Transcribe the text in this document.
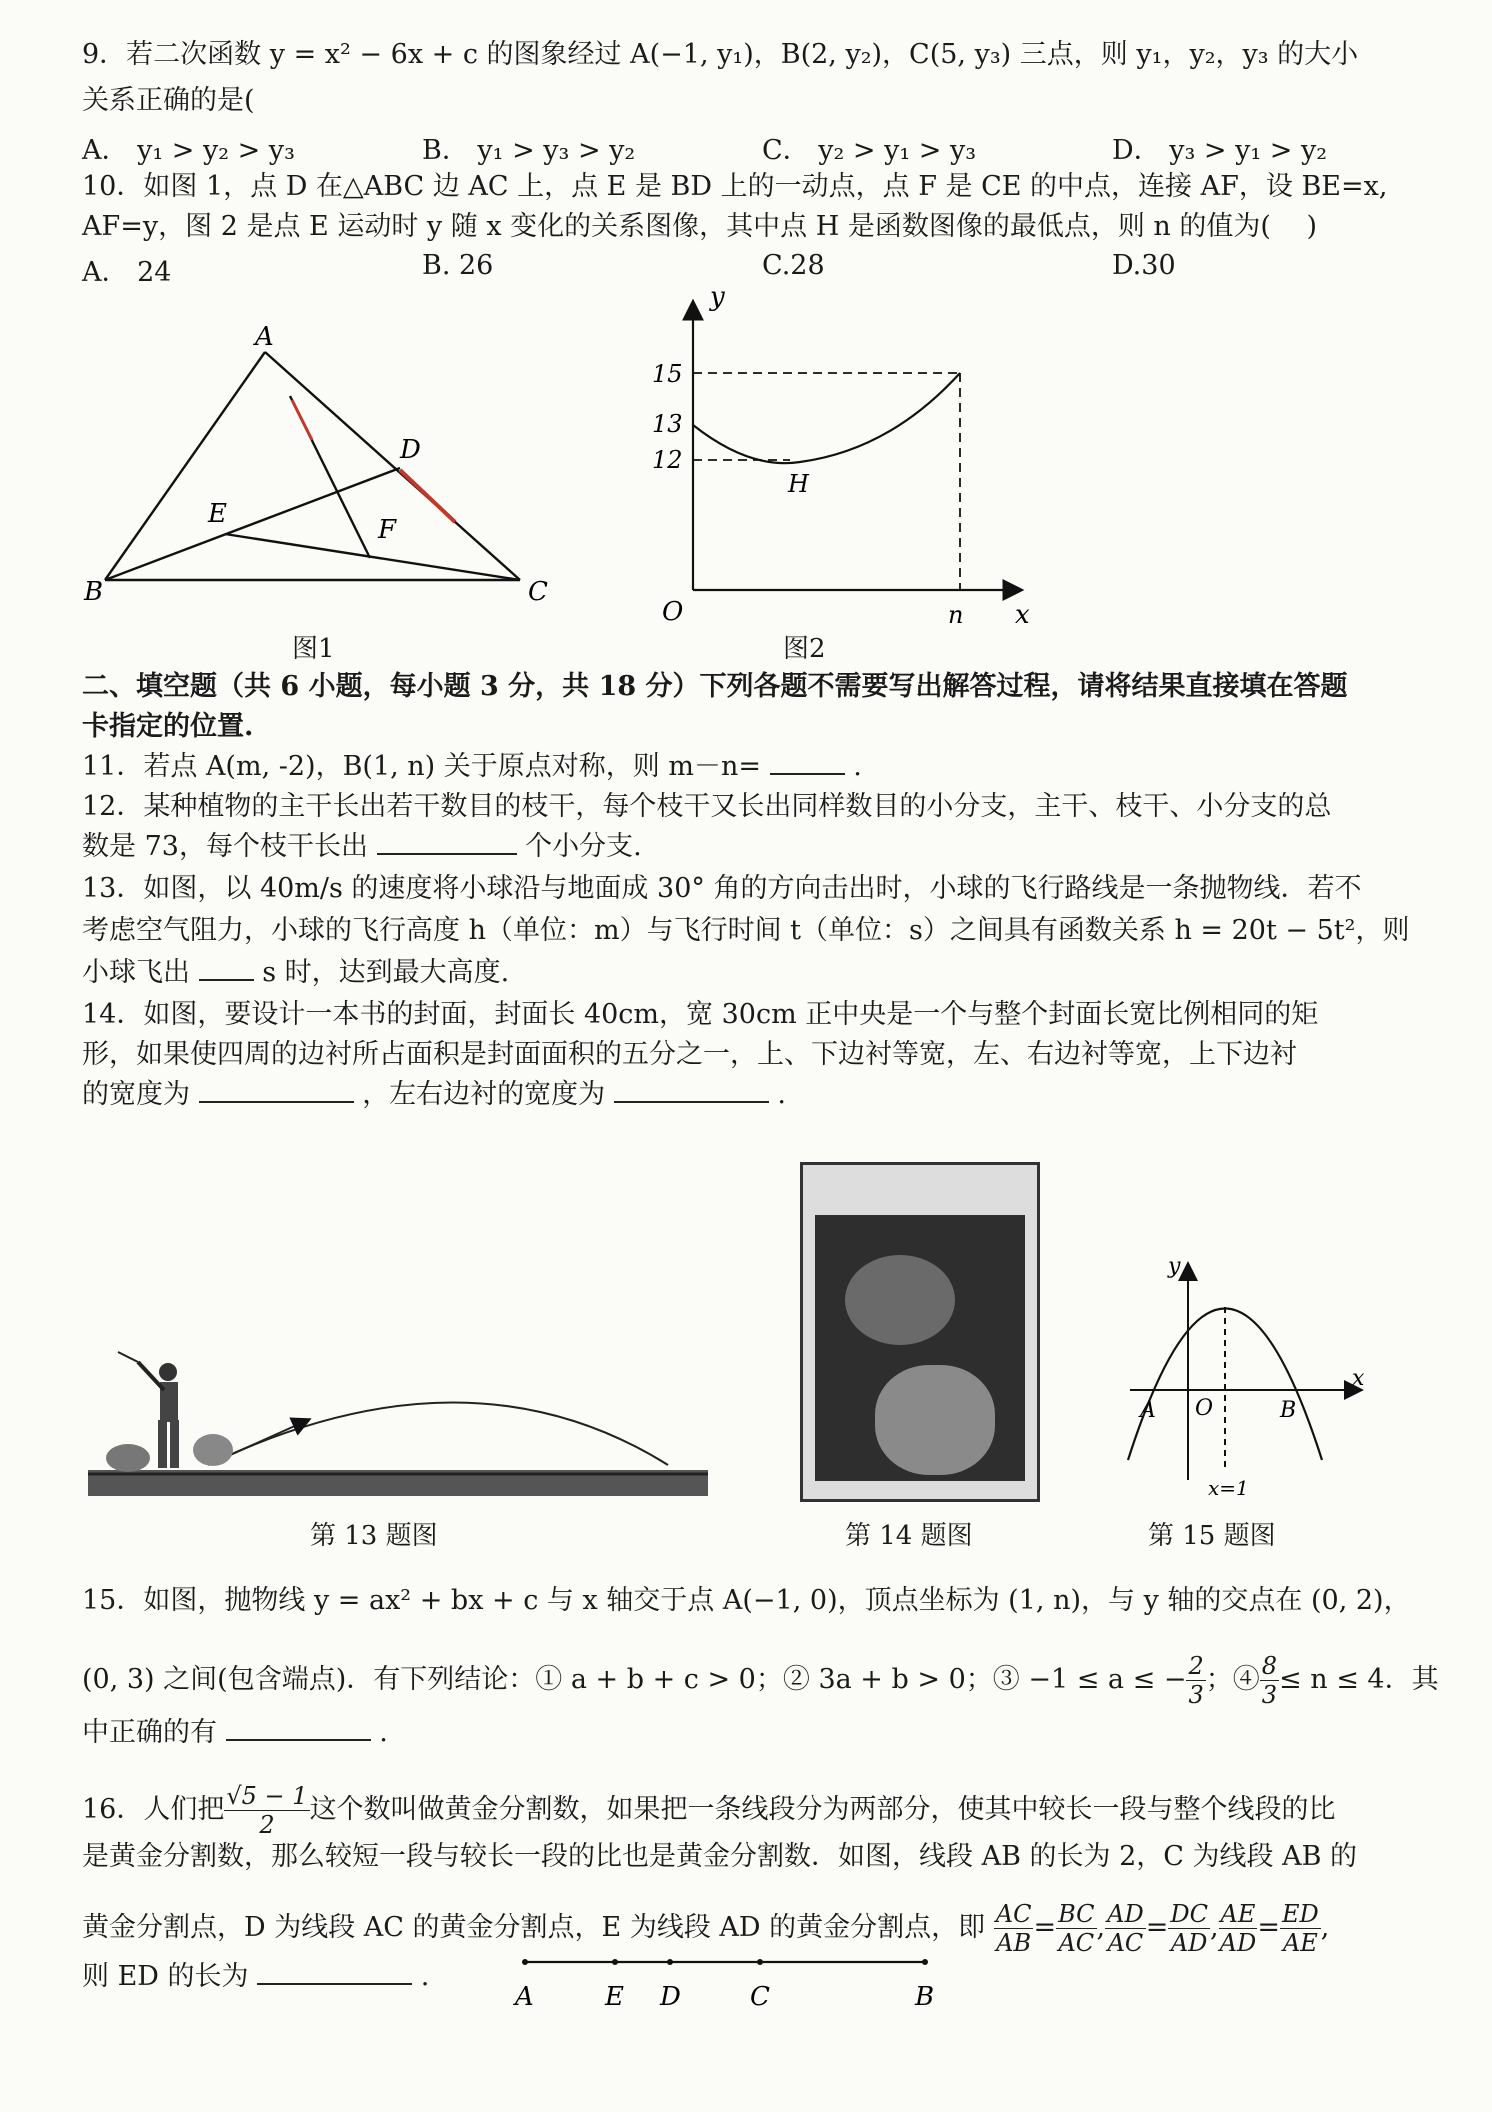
9．若二次函数 y = x² − 6x + c 的图象经过 A(−1, y₁)，B(2, y₂)，C(5, y₃) 三点，则 y₁，y₂，y₃ 的大小
关系正确的是(
A． y₁ > y₂ > y₃	B． y₁ > y₃ > y₂	C． y₂ > y₁ > y₃	D． y₃ > y₁ > y₂
10．如图 1，点 D 在△ABC 边 AC 上，点 E 是 BD 上的一动点，点 F 是 CE 的中点，连接 AF，设 BE=x,
AF=y，图 2 是点 E 运动时 y 随 x 变化的关系图像，其中点 H 是函数图像的最低点，则 n 的值为(　 )
A． 24	B. 26	C.28	D.30
A
B	C
D
E
F
图1
y
x
O	n
H
15
13
12
图2
二、填空题（共 6 小题，每小题 3 分，共 18 分）下列各题不需要写出解答过程，请将结果直接填在答题
卡指定的位置.
11．若点 A(m, -2)，B(1, n) 关于原点对称，则 m－n=	.
12．某种植物的主干长出若干数目的枝干，每个枝干又长出同样数目的小分支，主干、枝干、小分支的总
数是 73，每个枝干长出	个小分支.
13．如图，以 40m/s 的速度将小球沿与地面成 30° 角的方向击出时，小球的飞行路线是一条抛物线．若不
考虑空气阻力，小球的飞行高度 h（单位：m）与飞行时间 t（单位：s）之间具有函数关系 h = 20t − 5t²，则
小球飞出	s 时，达到最大高度.
14．如图，要设计一本书的封面，封面长 40cm，宽 30cm 正中央是一个与整个封面长宽比例相同的矩
形，如果使四周的边衬所占面积是封面面积的五分之一，上、下边衬等宽，左、右边衬等宽，上下边衬
的宽度为	，左右边衬的宽度为	.
第 13 题图	第 14 题图
y
x
A O	B
x=1
第 15 题图
15．如图，抛物线 y = ax² + bx + c 与 x 轴交于点 A(−1, 0)，顶点坐标为 (1, n)，与 y 轴的交点在 (0, 2)，
(0, 3) 之间(包含端点)．有下列结论：① a + b + c > 0；② 3a + b > 0；③ −1 ≤ a ≤ − $\frac{2}{3}$ ；④ $\frac{8}{3} \le n \le 4$．其
中正确的有	.
16．人们把 $\frac{√5 - 1}{2}$ 这个数叫做黄金分割数，如果把一条线段分为两部分，使其中较长一段与整个线段的比
是黄金分割数，那么较短一段与较长一段的比也是黄金分割数．如图，线段 AB 的长为 2，C 为线段 AB 的
黄金分割点，D 为线段 AC 的黄金分割点，E 为线段 AD 的黄金分割点，即 $\frac{AC}{AB} = \frac{BC}{AC}$ , $\frac{AD}{AC} = \frac{DC}{AD}$ , $\frac{AE}{AD} = \frac{ED}{AE}$ ,
则 ED 的长为	.
A	E D	C	B
